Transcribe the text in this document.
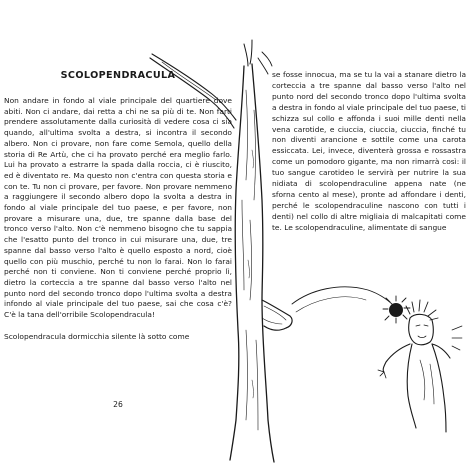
SCOLOPENDRACULA

Non andare in fondo al viale principale del quartiere dove abiti. Non ci andare, dai retta a chi ne sa più di te. Non farti prendere assolutamente dalla curiosità di vedere cosa ci sia quando, all'ultima svolta a destra, si incontra il secondo albero. Non ci provare, non fare come Semola, quello della storia di Re Artù, che ci ha provato perché era meglio farlo. Lui ha provato a estrarre la spada dalla roccia, ci è riuscito, ed è diventato re. Ma questo non c'entra con questa storia e con te. Tu non ci provare, per favore. Non provare nemmeno a raggiungere il secondo albero dopo la svolta a destra in fondo al viale principale del tuo paese, e per favore, non provare a misurare una, due, tre spanne dalla base del tronco verso l'alto. Non c'è nemmeno bisogno che tu sappia che l'esatto punto del tronco in cui misurare una, due, tre spanne dal basso verso l'alto è quello esposto a nord, cioè quello con più muschio, perché tu non lo farai. Non lo farai perché non ti conviene. Non ti conviene perché proprio lì, dietro la corteccia a tre spanne dal basso verso l'alto nel punto nord del secondo tronco dopo l'ultima svolta a destra infondo al viale principale del tuo paese, sai che cosa c'è? C'è la tana dell'orribile Scolopendracula!

Scolopendracula dormicchia silente là sotto come

se fosse innocua, ma se tu la vai a stanare dietro la corteccia a tre spanne dal basso verso l'alto nel punto nord del secondo tronco dopo l'ultima svolta a destra in fondo al viale principale del tuo paese, ti schizza sul collo e affonda i suoi mille denti nella vena carotide, e ciuccia, ciuccia, ciuccia, finché tu non diventi arancione e sottile come una carota essiccata. Lei, invece, diventerà grossa e rossastra come un pomodoro gigante, ma non rimarrà così: il tuo sangue carotideo le servirà per nutrire la sua nidiata di scolopendraculine appena nate (ne sforna cento al mese), pronte ad affondare i denti, perché le scolopendraculine nascono con tutti i denti) nel collo di altre migliaia di malcapitati come te. Le scolopendraculine, alimentate di sangue

26
